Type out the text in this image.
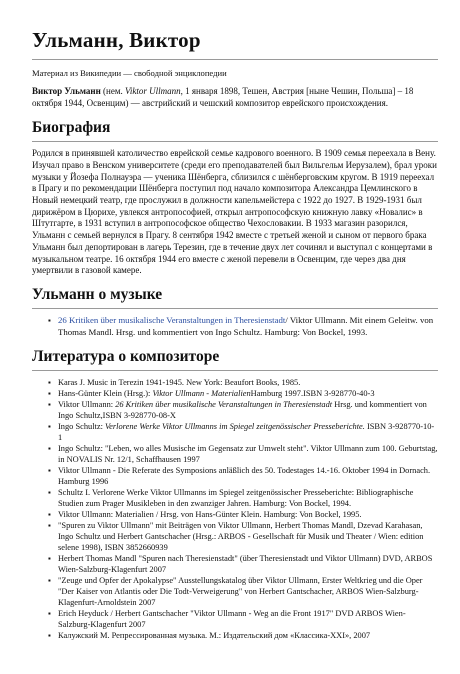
Ульманн, Виктор
Материал из Википедии — свободной энциклопедии

Виктор Ульманн (нем. Viktor Ullmann, 1 января 1898, Тешен, Австрия [ныне Чешин, Польша] – 18 октября 1944, Освенцим) — австрийский и чешский композитор еврейского происхождения.

Биография

Родился в принявшей католичество еврейской семье кадрового военного. В 1909 семья переехала в Вену. Изучал право в Венском университете (среди его преподавателей был Вильгельм Иерузалем), брал уроки музыки у Йозефа Полнауэра — ученика Шёнберга, сблизился с шёнберговским кругом. В 1919 переехал в Прагу и по рекомендации Шёнберга поступил под начало композитора Александра Цемлинского в Новый немецкий театр, где прослужил в должности капельмейстера с 1922 до 1927. В 1929-1931 был дирижёром в Цюрихе, увлекся антропософией, открыл антропософскую книжную лавку «Новалис» в Штутгарте, в 1931 вступил в антропософское общество Чехословакии. В 1933 магазин разорился, Ульманн с семьей вернулся в Прагу. 8 сентября 1942 вместе с третьей женой и сыном от первого брака Ульманн был депортирован в лагерь Терезин, где в течение двух лет сочинял и выступал с концертами в музыкальном театре. 16 октября 1944 его вместе с женой перевели в Освенцим, где через два дня умертвили в газовой камере.

Ульманн о музыке
▪ 26 Kritiken über musikalische Veranstaltungen in Theresienstadt/ Viktor Ullmann. Mit einem Geleitw. von Thomas Mandl. Hrsg. und kommentiert von Ingo Schultz. Hamburg: Von Bockel, 1993.
Литература о композиторе
▪ Karas J. Music in Terezin 1941-1945. New York: Beaufort Books, 1985.
▪ Hans-Günter Klein (Hrsg.): Viktor Ullmann - MaterialienHamburg 1997.ISBN 3-928770-40-3
▪ Viktor Ullmann: 26 Kritiken über musikalische Veranstaltungen in Theresienstadt Hrsg. und kommentiert von Ingo Schultz,ISBN 3-928770-08-X
▪ Ingo Schultz: Verlorene Werke Viktor Ullmanns im Spiegel zeitgenössischer Presseberichte. ISBN 3-928770-10-1
▪ Ingo Schultz: "Leben, wo alles Musische im Gegensatz zur Umwelt steht". Viktor Ullmann zum 100. Geburtstag, in NOVALIS Nr. 12/1, Schaffhausen 1997
▪ Viktor Ullmann - Die Referate des Symposions anläßlich des 50. Todestages 14.-16. Oktober 1994 in Dornach. Hamburg 1996
▪ Schultz I. Verlorene Werke Viktor Ullmanns im Spiegel zeitgenössischer Presseberichte: Bibliographische Studien zum Prager Musikleben in den zwanziger Jahren. Hamburg: Von Bockel, 1994.
▪ Viktor Ullmann: Materialien / Hrsg. von Hans-Günter Klein. Hamburg: Von Bockel, 1995.
▪ "Spuren zu Viktor Ullmann" mit Beiträgen von Viktor Ullmann, Herbert Thomas Mandl, Dzevad Karahasan, Ingo Schultz und Herbert Gantschacher (Hrsg.: ARBOS - Gesellschaft für Musik und Theater / Wien: edition selene 1998), ISBN 3852660939
▪ Herbert Thomas Mandl "Spuren nach Theresienstadt" (über Theresienstadt und Viktor Ullmann) DVD, ARBOS Wien-Salzburg-Klagenfurt 2007
▪ "Zeuge und Opfer der Apokalypse" Ausstellungskatalog über Viktor Ullmann, Erster Weltkrieg und die Oper "Der Kaiser von Atlantis oder Die Todt-Verweigerung" von Herbert Gantschacher, ARBOS Wien-Salzburg-Klagenfurt-Arnoldstein 2007
▪ Erich Heyduck / Herbert Gantschacher "Viktor Ullmann - Weg an die Front 1917" DVD ARBOS Wien-Salzburg-Klagenfurt 2007
▪ Калужский М. Репрессированная музыка. М.: Издательский дом «Классика-XXI», 2007
